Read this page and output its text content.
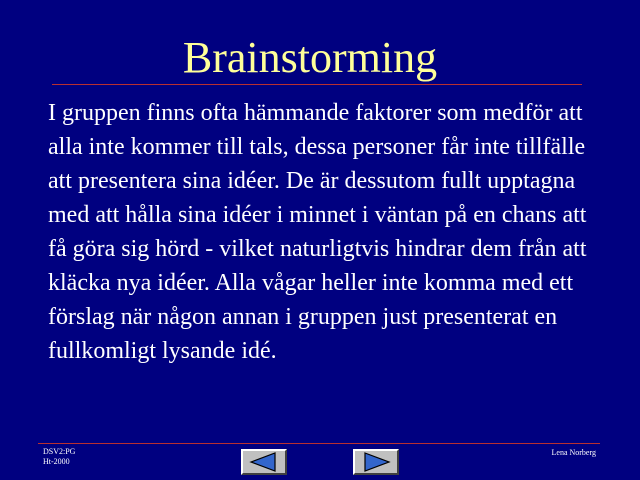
Brainstorming

I gruppen finns ofta hämmande faktorer som medför att alla inte kommer till tals, dessa personer får inte tillfälle att presentera sina idéer. De är dessutom fullt upptagna med att hålla sina idéer i minnet i väntan på en chans att få göra sig hörd - vilket naturligtvis hindrar dem från att kläcka nya idéer. Alla vågar heller inte komma med ett förslag när någon annan i gruppen just presenterat en fullkomligt lysande idé.

DSV2:PG
Ht-2000
Lena Norberg
